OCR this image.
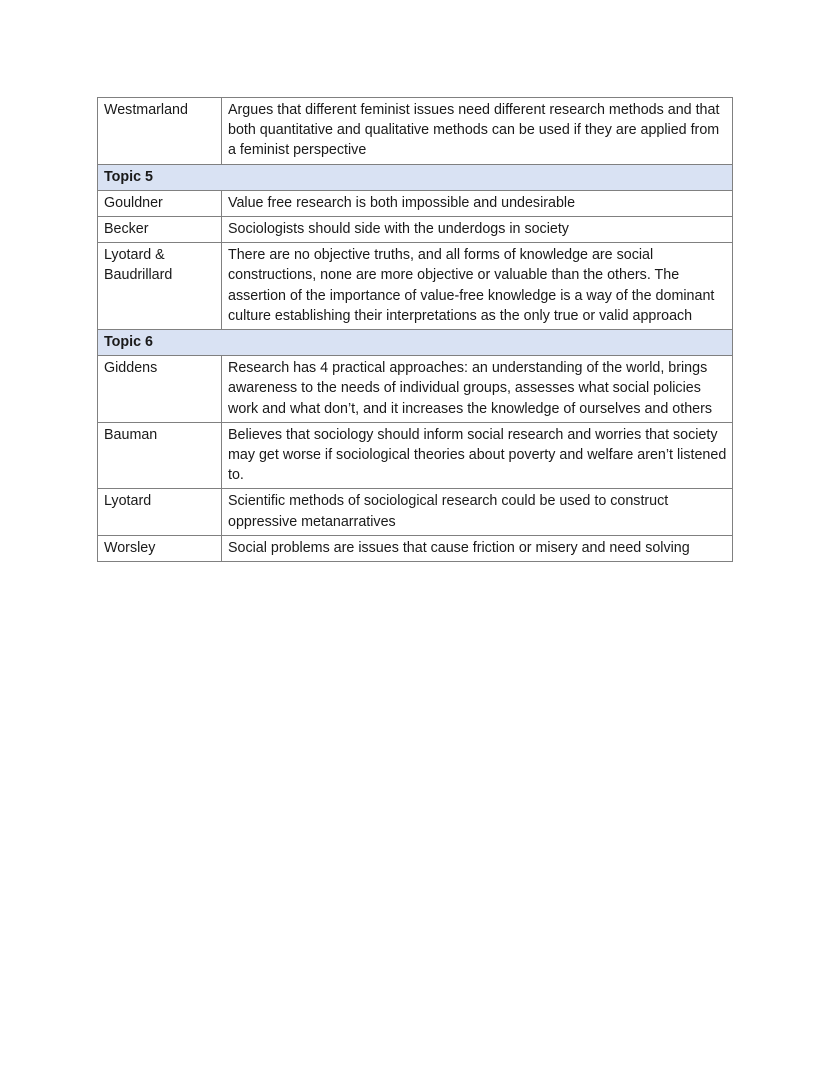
Westmarland	Argues that different feminist issues need different research methods and that both quantitative and qualitative methods can be used if they are applied from a feminist perspective
Topic 5	
Gouldner	Value free research is both impossible and undesirable
Becker	Sociologists should side with the underdogs in society
Lyotard & Baudrillard	There are no objective truths, and all forms of knowledge are social constructions, none are more objective or valuable than the others. The assertion of the importance of value-free knowledge is a way of the dominant culture establishing their interpretations as the only true or valid approach
Topic 6	
Giddens	Research has 4 practical approaches: an understanding of the world, brings awareness to the needs of individual groups, assesses what social policies work and what don’t, and it increases the knowledge of ourselves and others
Bauman	Believes that sociology should inform social research and worries that society may get worse if sociological theories about poverty and welfare aren’t listened to.
Lyotard	Scientific methods of sociological research could be used to construct oppressive metanarratives
Worsley	Social problems are issues that cause friction or misery and need solving
